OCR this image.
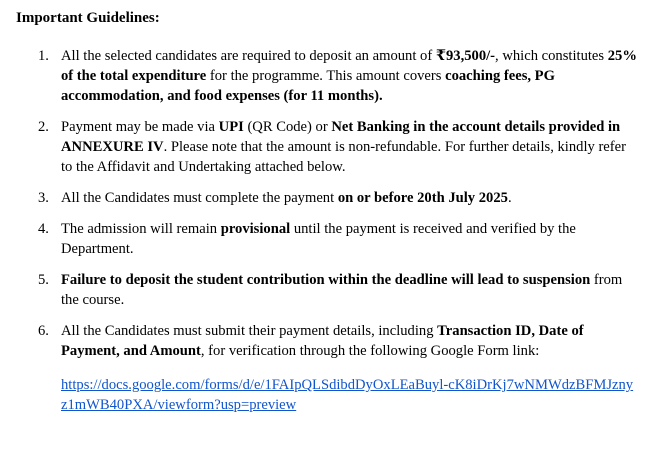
Important Guidelines:
1. All the selected candidates are required to deposit an amount of ₹93,500/-, which constitutes 25% of the total expenditure for the programme. This amount covers coaching fees, PG accommodation, and food expenses (for 11 months).
2. Payment may be made via UPI (QR Code) or Net Banking in the account details provided in ANNEXURE IV. Please note that the amount is non-refundable. For further details, kindly refer to the Affidavit and Undertaking attached below.
3. All the Candidates must complete the payment on or before 20th July 2025.
4. The admission will remain provisional until the payment is received and verified by the Department.
5. Failure to deposit the student contribution within the deadline will lead to suspension from the course.
6. All the Candidates must submit their payment details, including Transaction ID, Date of Payment, and Amount, for verification through the following Google Form link:
https://docs.google.com/forms/d/e/1FAIpQLSdibdDyOxLEaBuyl-cK8iDrKj7wNMWdzBFMJznyz1mWB40PXA/viewform?usp=preview
